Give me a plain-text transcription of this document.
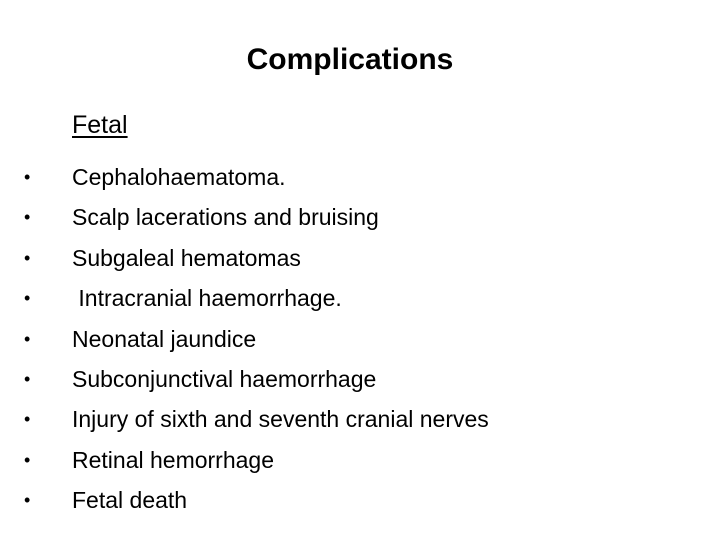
Complications
Fetal
• Cephalohaematoma.
• Scalp lacerations and bruising
• Subgaleal hematomas
• Intracranial haemorrhage.
• Neonatal jaundice
• Subconjunctival haemorrhage
• Injury of sixth and seventh cranial nerves
• Retinal hemorrhage
• Fetal death
